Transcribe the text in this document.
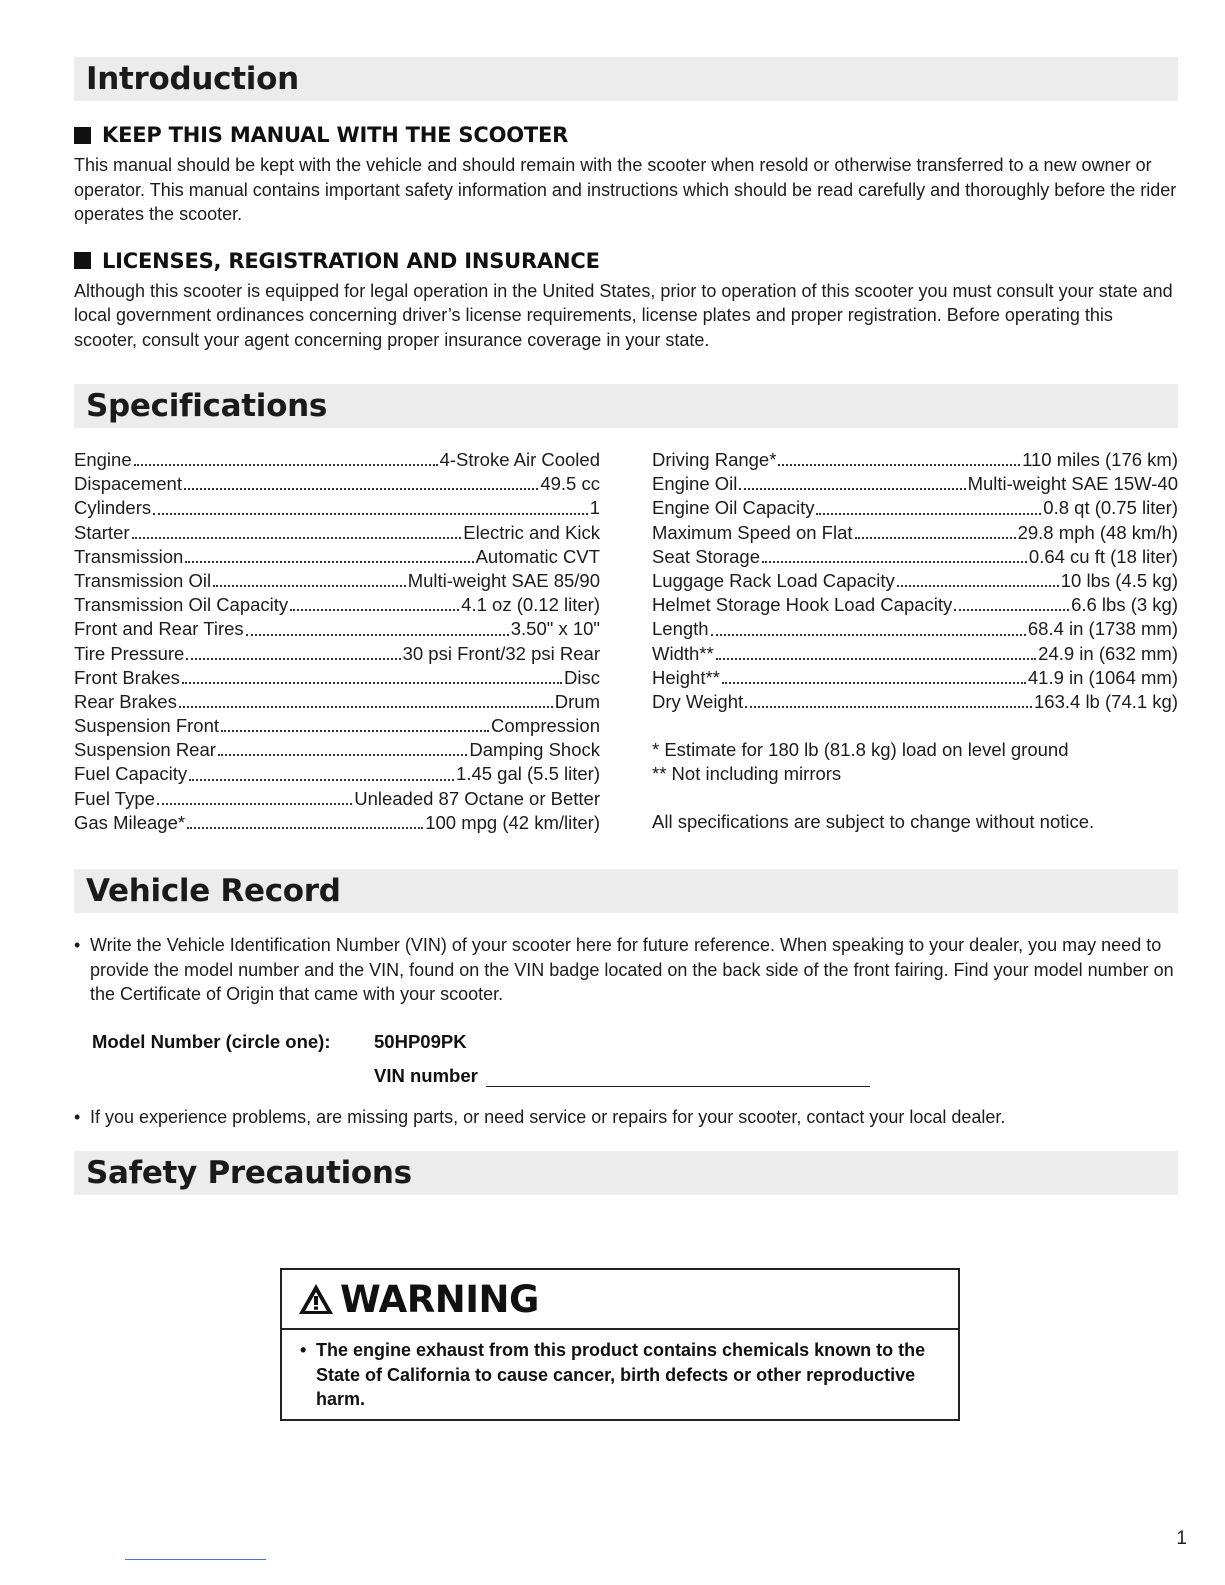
Introduction
KEEP THIS MANUAL WITH THE SCOOTER

This manual should be kept with the vehicle and should remain with the scooter when resold or otherwise transferred to a new owner or operator. This manual contains important safety information and instructions which should be read carefully and thoroughly before the rider operates the scooter.

LICENSES, REGISTRATION AND INSURANCE

Although this scooter is equipped for legal operation in the United States, prior to operation of this scooter you must consult your state and local government ordinances concerning driver’s license requirements, license plates and proper registration. Before operating this scooter, consult your agent concerning proper insurance coverage in your state.

Specifications
Engine	4-Stroke Air Cooled
Dispacement	49.5 cc
Cylinders	1
Starter	Electric and Kick
Transmission	Automatic CVT
Transmission Oil	Multi-weight SAE 85/90
Transmission Oil Capacity	4.1 oz (0.12 liter)
Front and Rear Tires	3.50" x 10"
Tire Pressure	30 psi Front/32 psi Rear
Front Brakes	Disc
Rear Brakes	Drum
Suspension Front	Compression
Suspension Rear	Damping Shock
Fuel Capacity	1.45 gal (5.5 liter)
Fuel Type	Unleaded 87 Octane or Better
Gas Mileage*	100 mpg (42 km/liter)
Driving Range*	110 miles (176 km)
Engine Oil	Multi-weight SAE 15W-40
Engine Oil Capacity	0.8 qt (0.75 liter)
Maximum Speed on Flat	29.8 mph (48 km/h)
Seat Storage	0.64 cu ft (18 liter)
Luggage Rack Load Capacity	10 lbs (4.5 kg)
Helmet Storage Hook Load Capacity	6.6 lbs (3 kg)
Length	68.4 in (1738 mm)
Width**	24.9 in (632 mm)
Height**	41.9 in (1064 mm)
Dry Weight	163.4 lb (74.1 kg)
* Estimate for 180 lb (81.8 kg) load on level ground
** Not including mirrors
All specifications are subject to change without notice.
Vehicle Record
• Write the Vehicle Identification Number (VIN) of your scooter here for future reference. When speaking to your dealer, you may need to provide the model number and the VIN, found on the VIN badge located on the back side of the front fairing. Find your model number on the Certificate of Origin that came with your scooter.
Model Number (circle one):	50HP09PK
VIN number
• If you experience problems, are missing parts, or need service or repairs for your scooter, contact your local dealer.
Safety Precautions
WARNING
• The engine exhaust from this product contains chemicals known to the State of California to cause cancer, birth defects or other reproductive harm.
1
